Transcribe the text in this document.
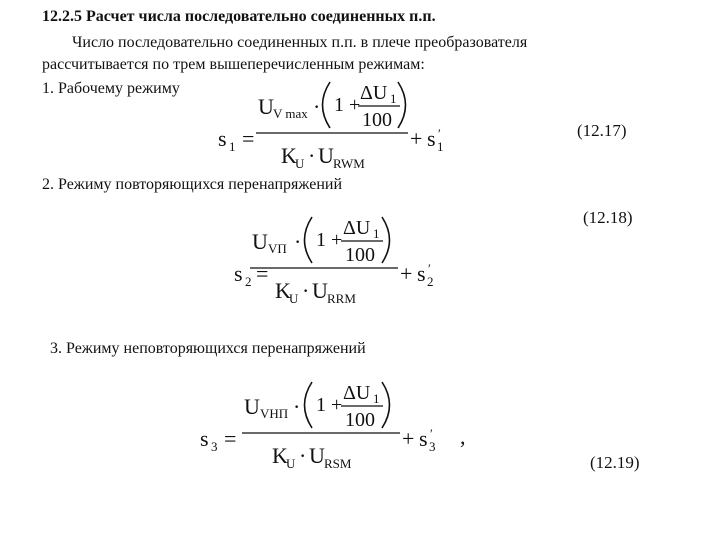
12.2.5 Расчет числа последовательно соединенных п.п.
Число последовательно соединенных п.п. в плече преобразователя
рассчитывается по трем вышеперечисленным режимам:
1. Рабочему режиму
(12.17)
s 1 =
U V max · 1 +
ΔU 1
100
K
U · U RWM
+ s 1
′
2. Режиму повторяющихся перенапряжений
(12.18)
s 2 =
U VП · 1 +
ΔU 1
100
K
U · U RRM
+ s 2
′
3. Режиму неповторяющихся перенапряжений
(12.19)
s 3 =
U VНП · 1 +
ΔU 1
100
K
U · U RSM
+ s 3
′ ,
